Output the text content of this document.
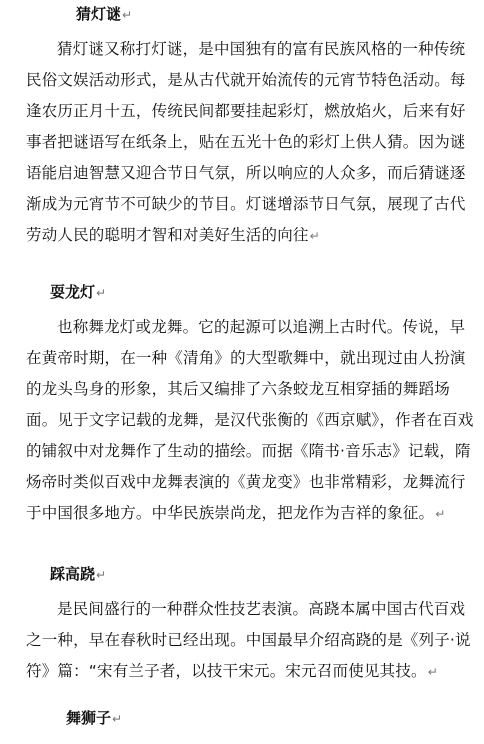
猜灯谜↵
猜灯谜又称打灯谜，是中国独有的富有民族风格的一种传统民俗文娱活动形式，是从古代就开始流传的元宵节特色活动。每逢农历正月十五，传统民间都要挂起彩灯，燃放焰火，后来有好事者把谜语写在纸条上，贴在五光十色的彩灯上供人猜。因为谜语能启迪智慧又迎合节日气氛，所以响应的人众多，而后猜谜逐渐成为元宵节不可缺少的节目。灯谜增添节日气氛，展现了古代劳动人民的聪明才智和对美好生活的向往↵
耍龙灯↵
也称舞龙灯或龙舞。它的起源可以追溯上古时代。传说，早在黄帝时期，在一种《清角》的大型歌舞中，就出现过由人扮演的龙头鸟身的形象，其后又编排了六条蛟龙互相穿插的舞蹈场面。见于文字记载的龙舞，是汉代张衡的《西京赋》，作者在百戏的铺叙中对龙舞作了生动的描绘。而据《隋书·音乐志》记载，隋炀帝时类似百戏中龙舞表演的《黄龙变》也非常精彩，龙舞流行于中国很多地方。中华民族崇尚龙，把龙作为吉祥的象征。↵
踩高跷↵
是民间盛行的一种群众性技艺表演。高跷本属中国古代百戏之一种，早在春秋时已经出现。中国最早介绍高跷的是《列子·说符》篇：“宋有兰子者，以技干宋元。宋元召而使见其技。↵
舞狮子↵
